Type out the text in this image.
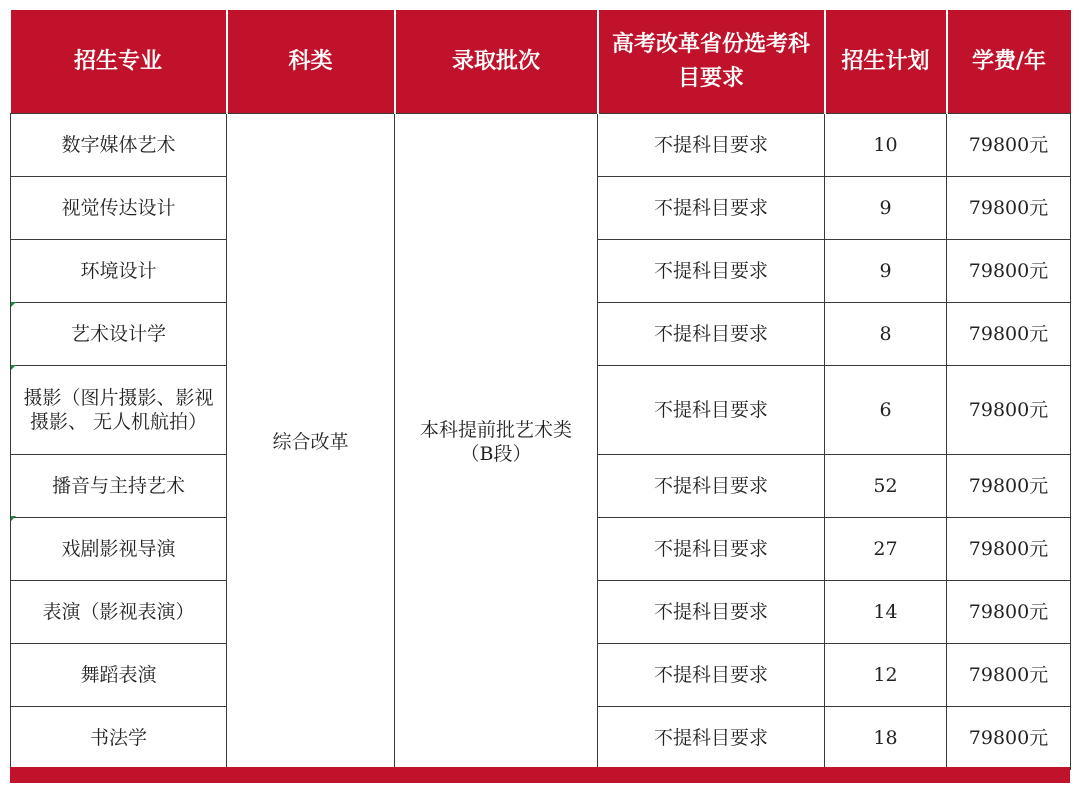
招生专业	科类	录取批次	高考改革省份选考科目要求	招生计划	学费/年
数字媒体艺术	综合改革	本科提前批艺术类（B段）	不提科目要求	10	79800元
视觉传达设计			不提科目要求	9	79800元
环境设计			不提科目要求	9	79800元
艺术设计学			不提科目要求	8	79800元
摄影（图片摄影、影视摄影、 无人机航拍）			不提科目要求	6	79800元
播音与主持艺术			不提科目要求	52	79800元
戏剧影视导演			不提科目要求	27	79800元
表演（影视表演）			不提科目要求	14	79800元
舞蹈表演			不提科目要求	12	79800元
书法学			不提科目要求	18	79800元
